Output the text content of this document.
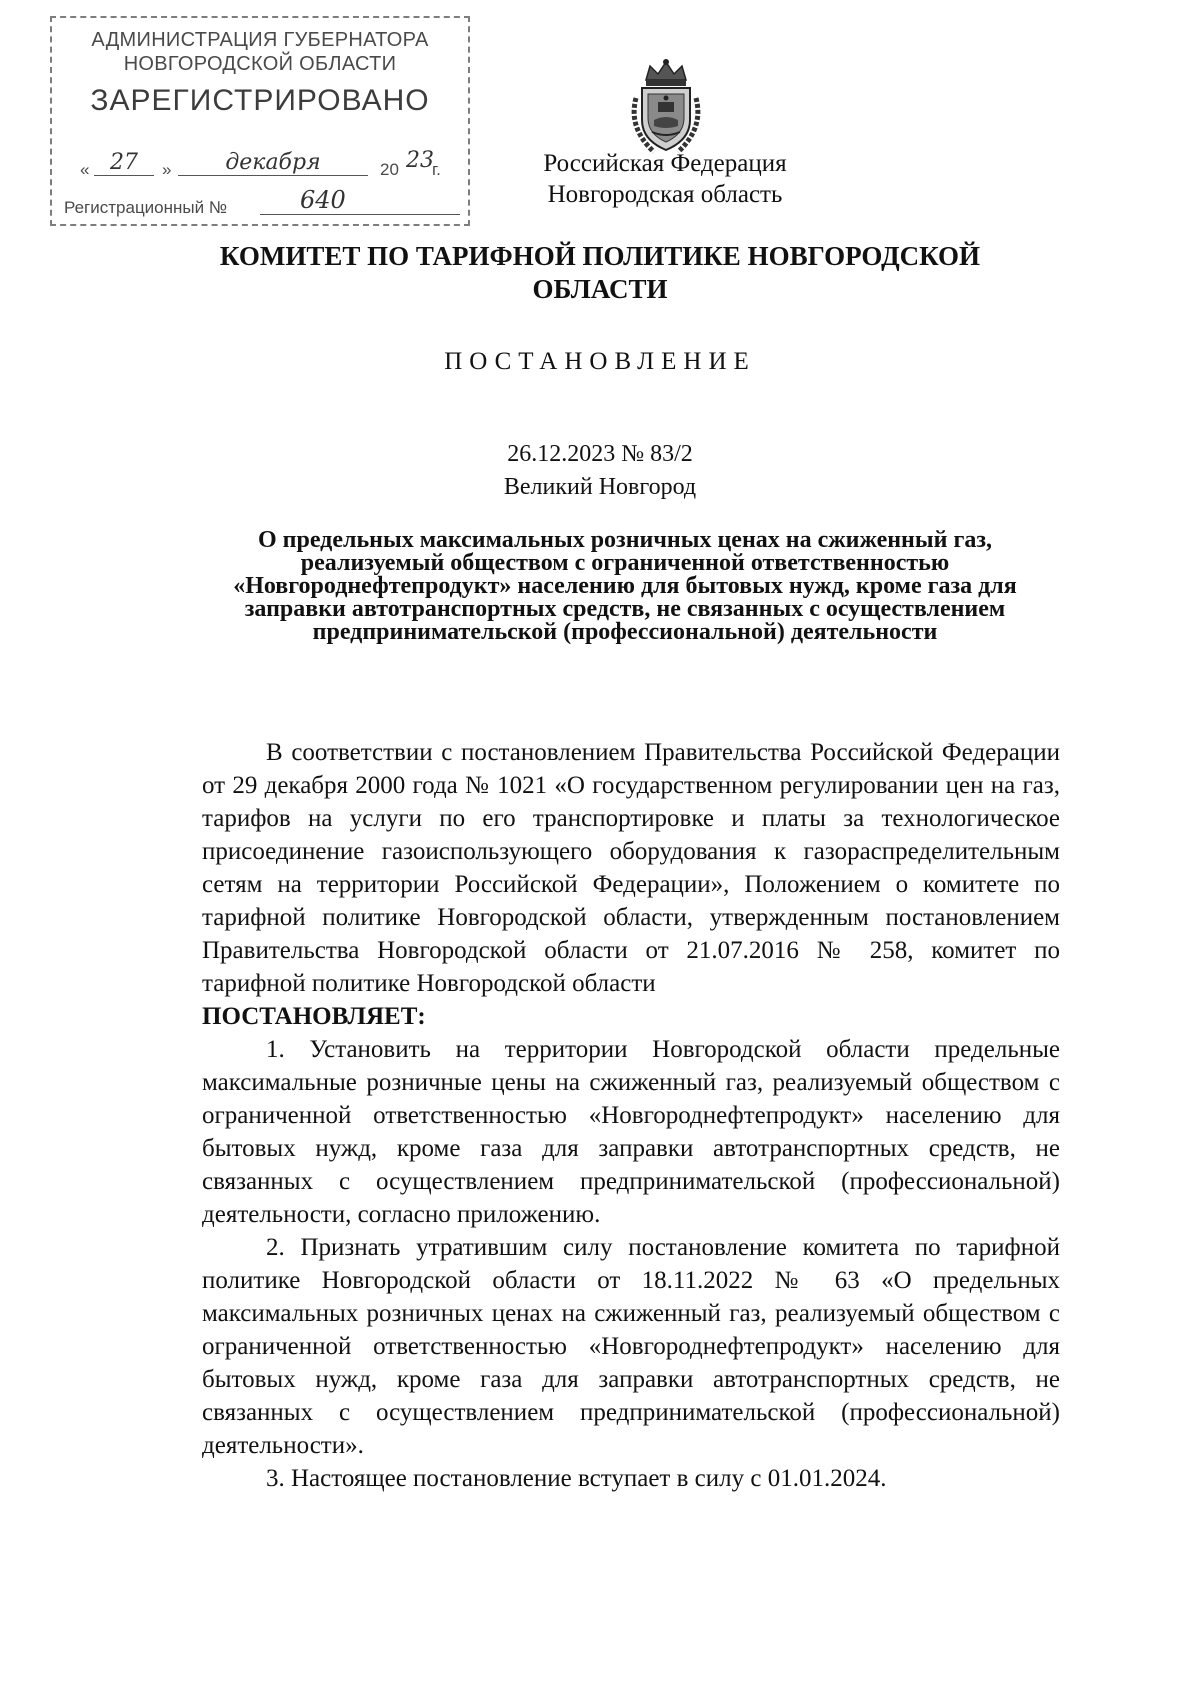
АДМИНИСТРАЦИЯ ГУБЕРНАТОРА
НОВГОРОДСКОЙ ОБЛАСТИ
ЗАРЕГИСТРИРОВАНО
« 27	»	декабря	20 23
г.
Регистрационный №	640
Российская Федерация
Новгородская область
КОМИТЕТ ПО ТАРИФНОЙ ПОЛИТИКЕ НОВГОРОДСКОЙ ОБЛАСТИ
ПОСТАНОВЛЕНИЕ
26.12.2023 № 83/2
Великий Новгород
О предельных максимальных розничных ценах на сжиженный газ, реализуемый обществом с ограниченной ответственностью «Новгороднефтепродукт» населению для бытовых нужд, кроме газа для заправки автотранспортных средств, не связанных с осуществлением предпринимательской (профессиональной) деятельности

В соответствии с постановлением Правительства Российской Федерации от 29 декабря 2000 года № 1021 «О государственном регулировании цен на газ, тарифов на услуги по его транспортировке и платы за технологическое присоединение газоиспользующего оборудования к газораспределительным сетям на территории Российской Федерации», Положением о комитете по тарифной политике Новгородской области, утвержденным постановлением Правительства Новгородской области от 21.07.2016 № 258, комитет по тарифной политике Новгородской области

ПОСТАНОВЛЯЕТ:

1. Установить на территории Новгородской области предельные максимальные розничные цены на сжиженный газ, реализуемый обществом с ограниченной ответственностью «Новгороднефтепродукт» населению для бытовых нужд, кроме газа для заправки автотранспортных средств, не связанных с осуществлением предпринимательской (профессиональной) деятельности, согласно приложению.

2. Признать утратившим силу постановление комитета по тарифной политике Новгородской области от 18.11.2022 № 63 «О предельных максимальных розничных ценах на сжиженный газ, реализуемый обществом с ограниченной ответственностью «Новгороднефтепродукт» населению для бытовых нужд, кроме газа для заправки автотранспортных средств, не связанных с осуществлением предпринимательской (профессиональной) деятельности».

3. Настоящее постановление вступает в силу с 01.01.2024.
